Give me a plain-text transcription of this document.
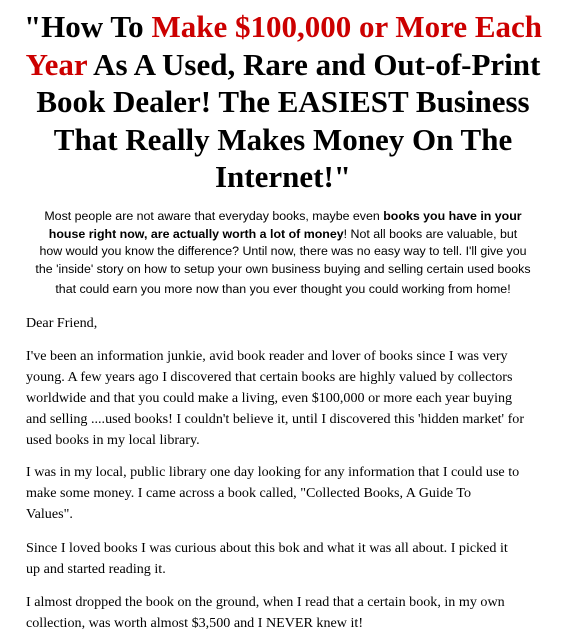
"How To Make $100,000 or More Each
Year As A Used, Rare and Out-of-Print
Book Dealer! The EASIEST Business
That Really Makes Money On The
Internet!"
Most people are not aware that everyday books, maybe even books you have in your
house right now, are actually worth a lot of money! Not all books are valuable, but
how would you know the difference? Until now, there was no easy way to tell. I'll give you
the 'inside' story on how to setup your own business buying and selling certain used books
that could earn you more now than you ever thought you could working from home!
Dear Friend,
I've been an information junkie, avid book reader and lover of books since I was very
young. A few years ago I discovered that certain books are highly valued by collectors
worldwide and that you could make a living, even $100,000 or more each year buying
and selling ....used books! I couldn't believe it, until I discovered this 'hidden market' for
used books in my local library.
I was in my local, public library one day looking for any information that I could use to
make some money. I came across a book called, "Collected Books, A Guide To
Values".
Since I loved books I was curious about this bok and what it was all about. I picked it
up and started reading it.
I almost dropped the book on the ground, when I read that a certain book, in my own
collection, was worth almost $3,500 and I NEVER knew it!
